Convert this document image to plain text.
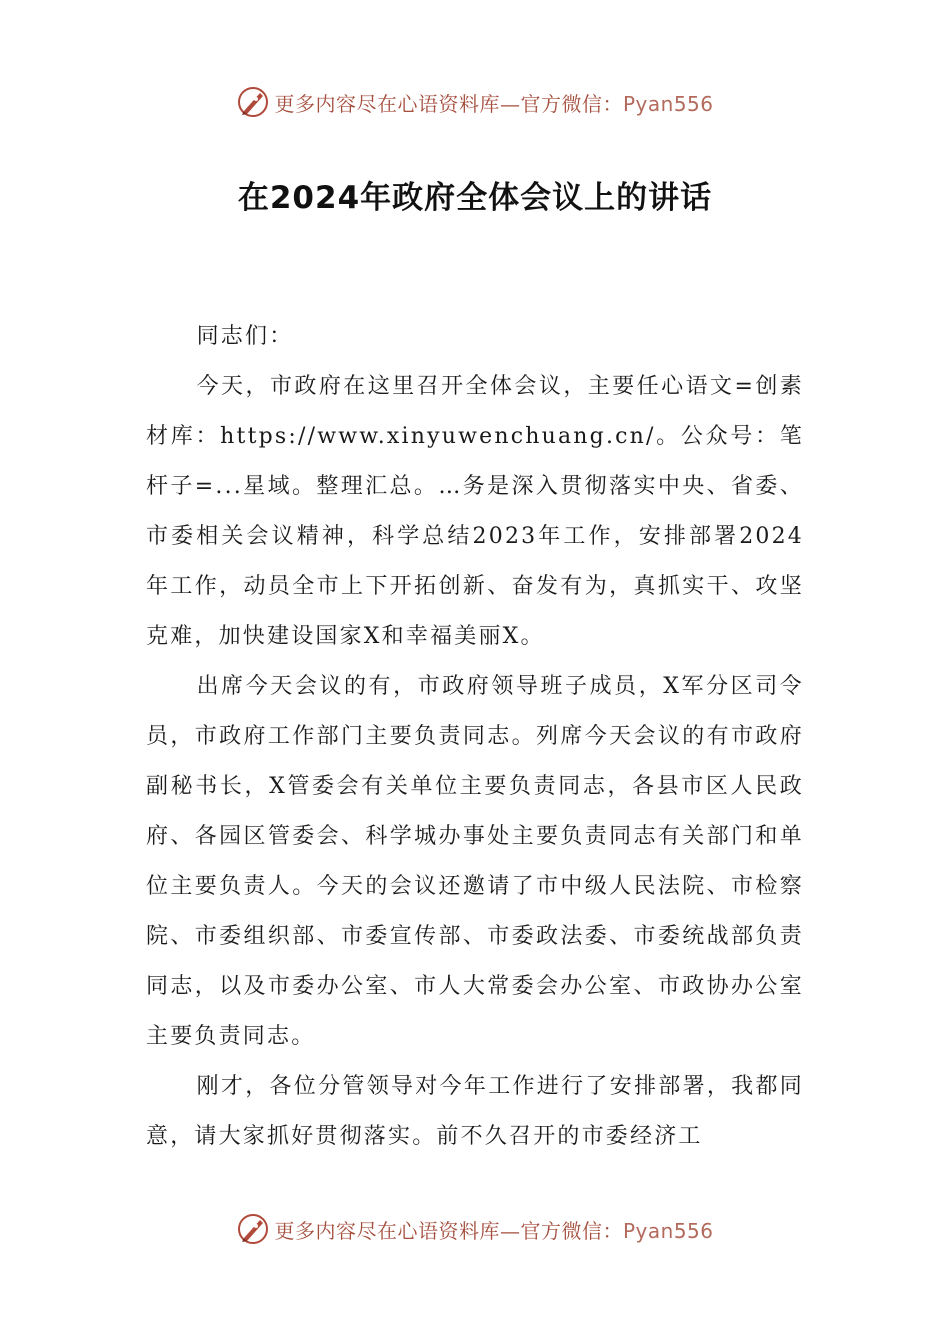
更多内容尽在心语资料库—官方微信：Pyan556
在2024年政府全体会议上的讲话

同志们：

今天，市政府在这里召开全体会议，主要任心语文=创素材库：https://www.xinyuwenchuang.cn/。公众号：笔杆子=...星域。整理汇总。…务是深入贯彻落实中央、省委、市委相关会议精神，科学总结2023年工作，安排部署2024年工作，动员全市上下开拓创新、奋发有为，真抓实干、攻坚克难，加快建设国家X和幸福美丽X。

出席今天会议的有，市政府领导班子成员，X军分区司令员，市政府工作部门主要负责同志。列席今天会议的有市政府副秘书长，X管委会有关单位主要负责同志，各县市区人民政府、各园区管委会、科学城办事处主要负责同志有关部门和单位主要负责人。今天的会议还邀请了市中级人民法院、市检察院、市委组织部、市委宣传部、市委政法委、市委统战部负责同志，以及市委办公室、市人大常委会办公室、市政协办公室主要负责同志。

刚才，各位分管领导对今年工作进行了安排部署，我都同意，请大家抓好贯彻落实。前不久召开的市委经济工

更多内容尽在心语资料库—官方微信：Pyan556
